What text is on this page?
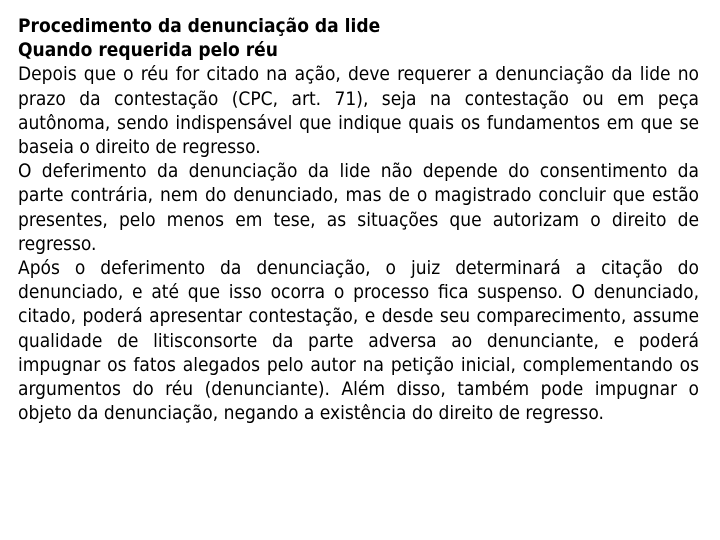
Procedimento da denunciação da lide

Quando requerida pelo réu

Depois que o réu for citado na ação, deve requerer a denunciação da lide no prazo da contestação (CPC, art. 71), seja na contestação ou em peça autônoma, sendo indispensável que indique quais os fundamentos em que se baseia o direito de regresso.

O deferimento da denunciação da lide não depende do consentimento da parte contrária, nem do denunciado, mas de o magistrado concluir que estão presentes, pelo menos em tese, as situações que autorizam o direito de regresso.

Após o deferimento da denunciação, o juiz determinará a citação do denunciado, e até que isso ocorra o processo fica suspenso. O denunciado, citado, poderá apresentar contestação, e desde seu comparecimento, assume qualidade de litisconsorte da parte adversa ao denunciante, e poderá impugnar os fatos alegados pelo autor na petição inicial, complementando os argumentos do réu (denunciante). Além disso, também pode impugnar o objeto da denunciação, negando a existência do direito de regresso.
